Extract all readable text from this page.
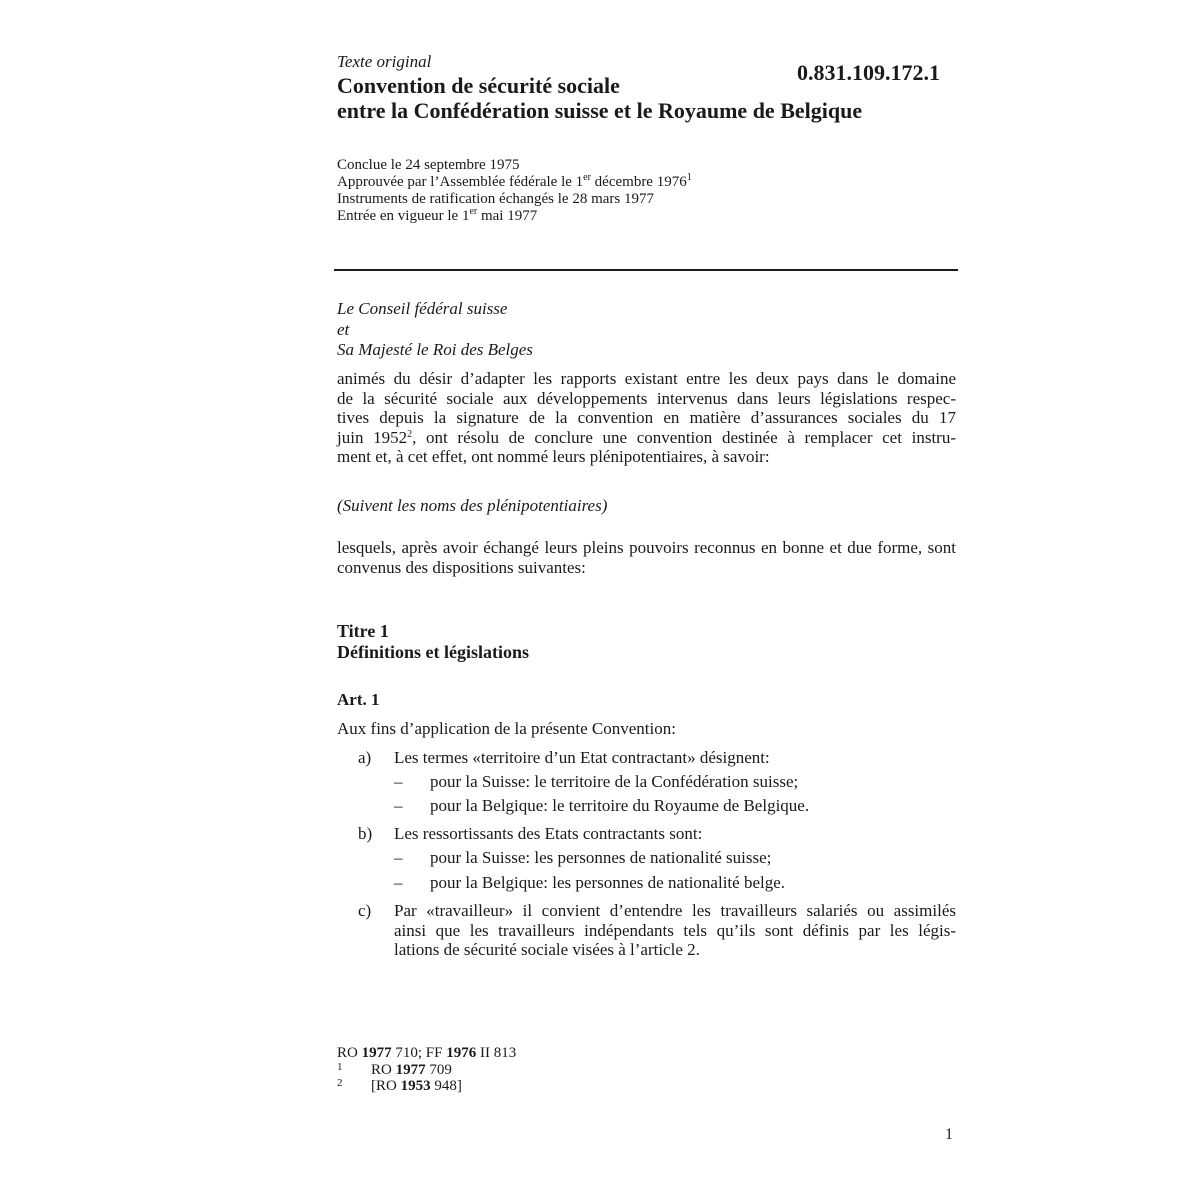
Texte original	0.831.109.172.1

Convention de sécurité sociale
entre la Confédération suisse et le Royaume de Belgique
Conclue le 24 septembre 1975
Approuvée par l’Assemblée fédérale le 1er décembre 1976$^1$
Instruments de ratification échangés le 28 mars 1977
Entrée en vigueur le 1er mai 1977
Le Conseil fédéral suisse
et
Sa Majesté le Roi des Belges
animés du désir d’adapter les rapports existant entre les deux pays dans le domaine
de la sécurité sociale aux développements intervenus dans leurs législations respec-
tives depuis la signature de la convention en matière d’assurances sociales du 17
juin 1952$^2$, ont résolu de conclure une convention destinée à remplacer cet instru-
ment et, à cet effet, ont nommé leurs plénipotentiaires, à savoir:

(Suivent les noms des plénipotentiaires)

lesquels, après avoir échangé leurs pleins pouvoirs reconnus en bonne et due forme, sont convenus des dispositions suivantes:

Titre 1
Définitions et législations

Art. 1

Aux fins d’application de la présente Convention:

a) Les termes «territoire d’un Etat contractant» désignent:
– pour la Suisse: le territoire de la Confédération suisse;
– pour la Belgique: le territoire du Royaume de Belgique.
b) Les ressortissants des Etats contractants sont:
– pour la Suisse: les personnes de nationalité suisse;
– pour la Belgique: les personnes de nationalité belge.
c) Par «travailleur» il convient d’entendre les travailleurs salariés ou assimilés
ainsi que les travailleurs indépendants tels qu’ils sont définis par les légis-
lations de sécurité sociale visées à l’article 2.
RO 1977 710; FF 1976 II 813
1 RO 1977 709
2 [RO 1953 948]

1
